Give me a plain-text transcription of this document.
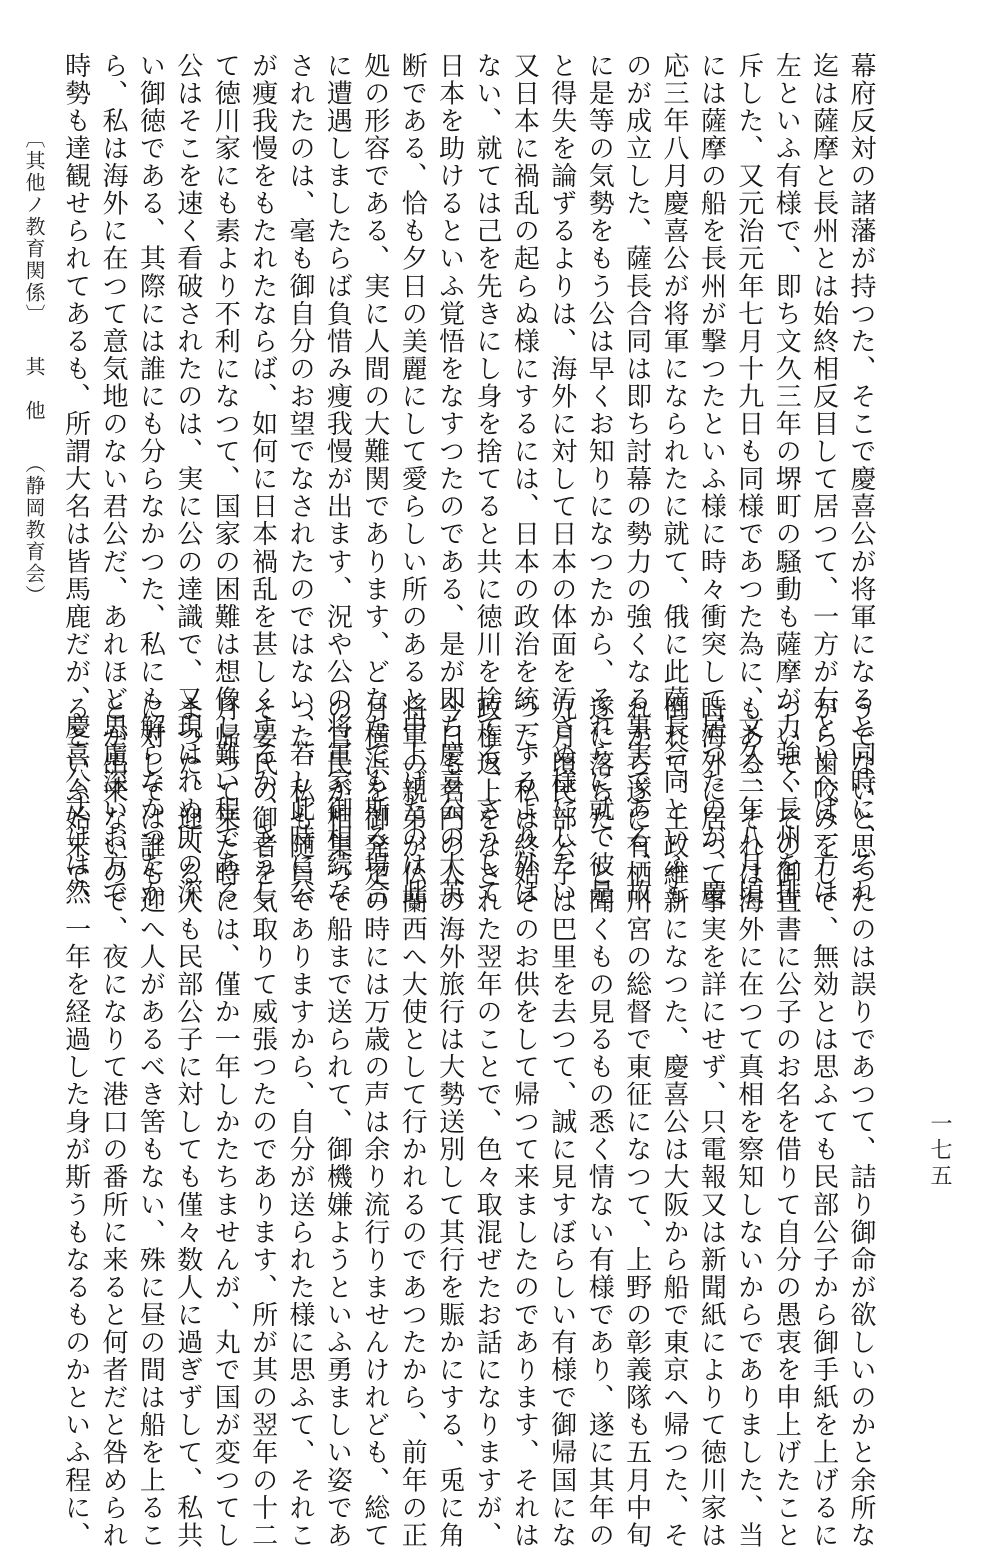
幕府反対の諸藩が持つた、そこで慶喜公が将軍になると同時に、それ
迄は薩摩と長州とは始終相反目して居つて、一方が右といへば一方は
左といふ有様で、即ち文久三年の堺町の騒動も薩摩が力強く長州を排
斥した、又元治元年七月十九日も同様であつた為に、文久三年八月頃
には薩摩の船を長州が撃つたといふ様に時々衝突して居つたのが、慶
応三年八月慶喜公が将軍になられたに就て、俄に此薩長合同といふも
のが成立した、薩長合同は即ち討幕の勢力の強くなる事実である、故
に是等の気勢をもう公は早くお知りになつたから、それらに就て彼是
と得失を論ずるよりは、海外に対して日本の体面を汚さぬ様にしたい
又日本に禍乱の起らぬ様にするには、日本の政治を統一するより外は
ない、就ては己を先きにし身を捨てると共に徳川を捨てる、さうして
日本を助けるといふ覚悟をなすつたのである、是が即ち慶喜公の大英
断である、恰も夕日の美麗にして愛らしい所のあると申上げたのは此
処の形容である、実に人間の大難関であります、どなたでも斯る場合
に遭遇しましたらば負惜み痩我慢が出ます、況や公の将軍家御相続な
されたのは、毫も御自分のお望でなされたのではない、若し此時に公
が痩我慢をもたれたならば、如何に日本禍乱を甚しくするか、さうし
て徳川家にも素より不利になつて、国家の困難は想像し難い程である
公はそこを速く看破されたのは、実に公の達識で、又現はれぬ所の深
い御徳である、其際には誰にも分らなかつた、私にも解らなかつたか
うでないと思つたのは誤りであつて、詰り御命が欲しいのかと余所な
がら歯咬みをして、無効とは思ふても民部公子から御手紙を上げるに
ついて、その御直書に公子のお名を借りて自分の愚衷を申上げたこと
もある、それは海外に在つて真相を察知しないからでありました、当
時海外に居つて事実を詳にせず、只電報又は新聞紙によりて徳川家は
倒れて、王政維新になつた、慶喜公は大阪から船で東京へ帰つた、そ
れから遂に有栖川宮の総督で東征になつて、上野の彰義隊も五月中旬
遂に落ちた、と聞くもの見るもの悉く情ない有様であり、遂に其年の
九月頃民部公子は巴里を去つて、誠に見すぼらしい有様で御帰国にな
つた、私は終始そのお供をして帰つて来ましたのであります、それは
政権返上をなされた翌年のことで、色々取混ぜたお話になりますが、
今日も名門の人の海外旅行は大勢送別して其行を賑かにする、兎に角
将軍の親弟が仏蘭西へ大使として行かれるのであつたから、前年の正
月横浜を御発足の時には万歳の声は余り流行りませんけれども、総て
の官民が相集つて船まで送られて、御機嫌ようといふ勇ましい姿であ
つた、私も随員でありますから、自分が送られた様に思ふて、それこ
そ晏氏の御者を気取りて威張つたのであります、所が其の翌年の十二
月帰つて来た時には、僅か一年しかたちませんが、丸で国が変つてし
まつた、迎へる人も民部公子に対しても僅々数人に過ぎずして、私共
に対しては誰も迎へ人があるべき筈もない、殊に昼の間は船を上るこ
ら、私は海外に在つて意気地のない君公だ、あれほど思慮深いお方で
時勢も達観せられてあるも、所謂大名は皆馬鹿だが、慶喜公丈けは然
とが出来ないので、夜になりて港口の番所に来ると何者だと咎められ
るといふ始末で、一年を経過した身が斯うもなるものかといふ程に、
〔其他ノ教育関係〕 其　他 （静岡教育会）
一七五
